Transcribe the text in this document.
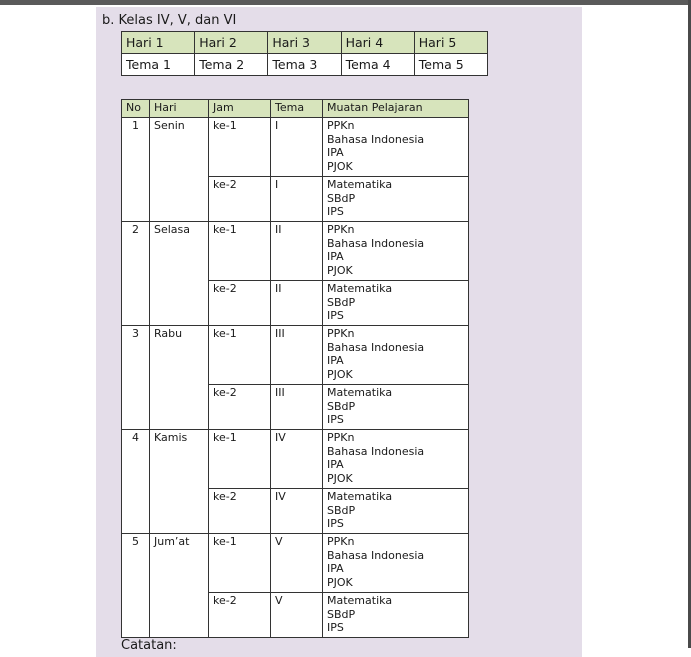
b. Kelas IV, V, dan VI
Hari 1	Hari 2	Hari 3	Hari 4	Hari 5
Tema 1	Tema 2	Tema 3	Tema 4	Tema 5
No	Hari	Jam	Tema	Muatan Pelajaran
1	Senin	ke-1	I	PPKn
Bahasa Indonesia
IPA
PJOK

		ke-2	I	Matematika
SBdP
IPS

2	Selasa	ke-1	II	PPKn
Bahasa Indonesia
IPA
PJOK

		ke-2	II	Matematika
SBdP
IPS

3	Rabu	ke-1	III	PPKn
Bahasa Indonesia
IPA
PJOK

		ke-2	III	Matematika
SBdP
IPS

4	Kamis	ke-1	IV	PPKn
Bahasa Indonesia
IPA
PJOK

		ke-2	IV	Matematika
SBdP
IPS

5	Jum’at	ke-1	V	PPKn
Bahasa Indonesia
IPA
PJOK

		ke-2	V	Matematika
SBdP
IPS
Catatan:
